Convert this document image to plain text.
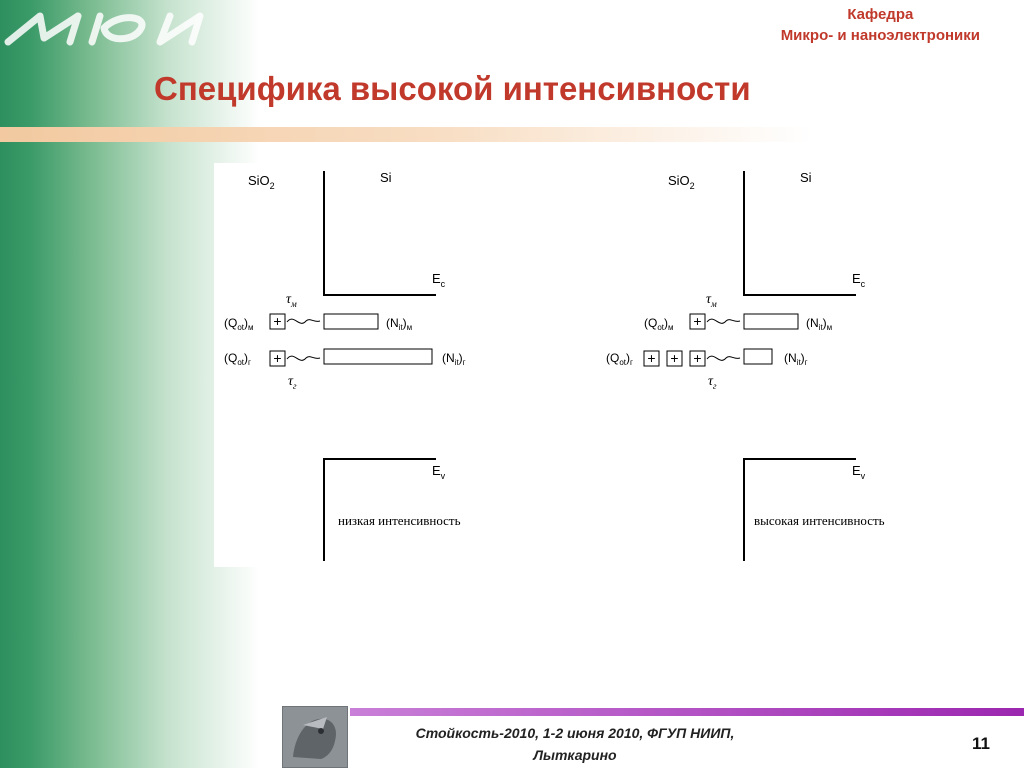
Кафедра
Микро- и наноэлектроники
Специфика высокой интенсивности
SiO$_2$
Si
$E_c$
$E_v$
$\tau_м$
$(Q_{ot})_м$ +
+
$(N_{it})_м$
$(Q_{ot})_г$	$(N_{it})_г$
$\tau_г$
низкая интенсивность
SiO$_2$
Si
$E_c$
$E_v$
$\tau_м$
$(Q_{ot})_м$ +
+ + +
$(N_{it})_м$
$(Q_{ot})_г$	$(N_{it})_г$
$\tau_г$
высокая интенсивность
Стойкость-2010, 1-2 июня 2010, ФГУП НИИП,
Лыткарино
11
